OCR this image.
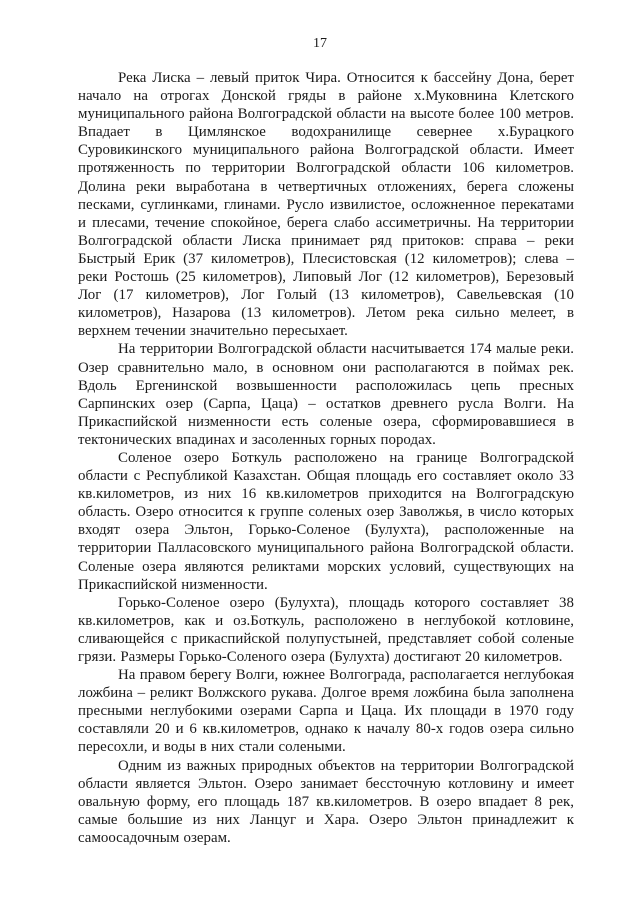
17

Река Лиска – левый приток Чира. Относится к бассейну Дона, берет начало на отрогах Донской гряды в районе х.Муковнина Клетского муниципального района Волгоградской области на высоте более 100 метров. Впадает в Цимлянское водохранилище севернее х.Бурацкого Суровикинского муниципального района Волгоградской области. Имеет протяженность по территории Волгоградской области 106 километров. Долина реки выработана в четвертичных отложениях, берега сложены песками, суглинками, глинами. Русло извилистое, осложненное перекатами и плесами, течение спокойное, берега слабо ассиметричны. На территории Волгоградской области Лиска принимает ряд притоков: справа – реки Быстрый Ерик (37 километров), Плесистовская (12 километров); слева – реки Ростошь (25 километров), Липовый Лог (12 километров), Березовый Лог (17 километров), Лог Голый (13 километров), Савельевская (10 километров), Назарова (13 километров). Летом река сильно мелеет, в верхнем течении значительно пересыхает.

На территории Волгоградской области насчитывается 174 малые реки. Озер сравнительно мало, в основном они располагаются в поймах рек. Вдоль Ергенинской возвышенности расположилась цепь пресных Сарпинских озер (Сарпа, Цаца) – остатков древнего русла Волги. На Прикаспийской низменности есть соленые озера, сформировавшиеся в тектонических впадинах и засоленных горных породах.

Соленое озеро Боткуль расположено на границе Волгоградской области с Республикой Казахстан. Общая площадь его составляет около 33 кв.километров, из них 16 кв.километров приходится на Волгоградскую область. Озеро относится к группе соленых озер Заволжья, в число которых входят озера Эльтон, Горько-Соленое (Булухта), расположенные на территории Палласовского муниципального района Волгоградской области. Соленые озера являются реликтами морских условий, существующих на Прикаспийской низменности.

Горько-Соленое озеро (Булухта), площадь которого составляет 38 кв.километров, как и оз.Боткуль, расположено в неглубокой котловине, сливающейся с прикаспийской полупустыней, представляет собой соленые грязи. Размеры Горько-Соленого озера (Булухта) достигают 20 километров.

На правом берегу Волги, южнее Волгограда, располагается неглубокая ложбина – реликт Волжского рукава. Долгое время ложбина была заполнена пресными неглубокими озерами Сарпа и Цаца. Их площади в 1970 году составляли 20 и 6 кв.километров, однако к началу 80-х годов озера сильно пересохли, и воды в них стали солеными.

Одним из важных природных объектов на территории Волгоградской области является Эльтон. Озеро занимает бессточную котловину и имеет овальную форму, его площадь 187 кв.километров. В озеро впадает 8 рек, самые большие из них Ланцуг и Хара. Озеро Эльтон принадлежит к самоосадочным озерам.
